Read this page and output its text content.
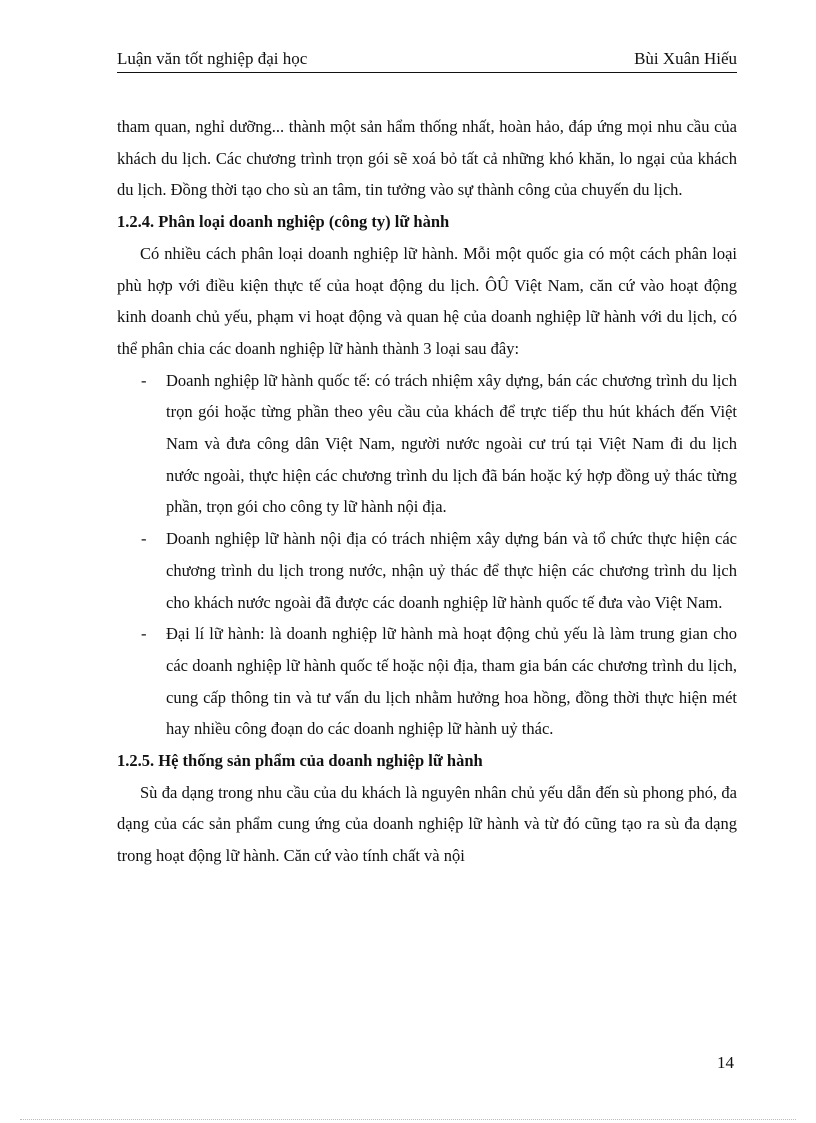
Luận văn tốt nghiệp đại học	Bùi Xuân Hiếu

tham quan, nghỉ dưỡng... thành một sản hẩm thống nhất, hoàn hảo, đáp ứng mọi nhu cầu của khách du lịch. Các chương trình trọn gói sẽ xoá bỏ tất cả những khó khăn, lo ngại của khách du lịch. Đồng thời tạo cho sù an tâm, tin tưởng vào sự thành công của chuyến du lịch.

1.2.4. Phân loại doanh nghiệp (công ty) lữ hành

Có nhiều cách phân loại doanh nghiệp lữ hành. Mỗi một quốc gia có một cách phân loại phù hợp với điều kiện thực tế của hoạt động du lịch. ÔÛ Việt Nam, căn cứ vào hoạt động kinh doanh chủ yếu, phạm vi hoạt động và quan hệ của doanh nghiệp lữ hành với du lịch, có thể phân chia các doanh nghiệp lữ hành thành 3 loại sau đây:

- Doanh nghiệp lữ hành quốc tế: có trách nhiệm xây dựng, bán các chương trình du lịch trọn gói hoặc từng phần theo yêu cầu của khách để trực tiếp thu hút khách đến Việt Nam và đưa công dân Việt Nam, người nước ngoài cư trú tại Việt Nam đi du lịch nước ngoài, thực hiện các chương trình du lịch đã bán hoặc ký hợp đồng uỷ thác từng phần, trọn gói cho công ty lữ hành nội địa.
- Doanh nghiệp lữ hành nội địa có trách nhiệm xây dựng bán và tổ chức thực hiện các chương trình du lịch trong nước, nhận uỷ thác để thực hiện các chương trình du lịch cho khách nước ngoài đã được các doanh nghiệp lữ hành quốc tế đưa vào Việt Nam.
- Đại lí lữ hành: là doanh nghiệp lữ hành mà hoạt động chủ yếu là làm trung gian cho các doanh nghiệp lữ hành quốc tế hoặc nội địa, tham gia bán các chương trình du lịch, cung cấp thông tin và tư vấn du lịch nhằm hưởng hoa hồng, đồng thời thực hiện mét hay nhiều công đoạn do các doanh nghiệp lữ hành uỷ thác.
1.2.5. Hệ thống sản phẩm của doanh nghiệp lữ hành

Sù đa dạng trong nhu cầu của du khách là nguyên nhân chủ yếu dẫn đến sù phong phó, đa dạng của các sản phẩm cung ứng của doanh nghiệp lữ hành và từ đó cũng tạo ra sù đa dạng trong hoạt động lữ hành. Căn cứ vào tính chất và nội

14
